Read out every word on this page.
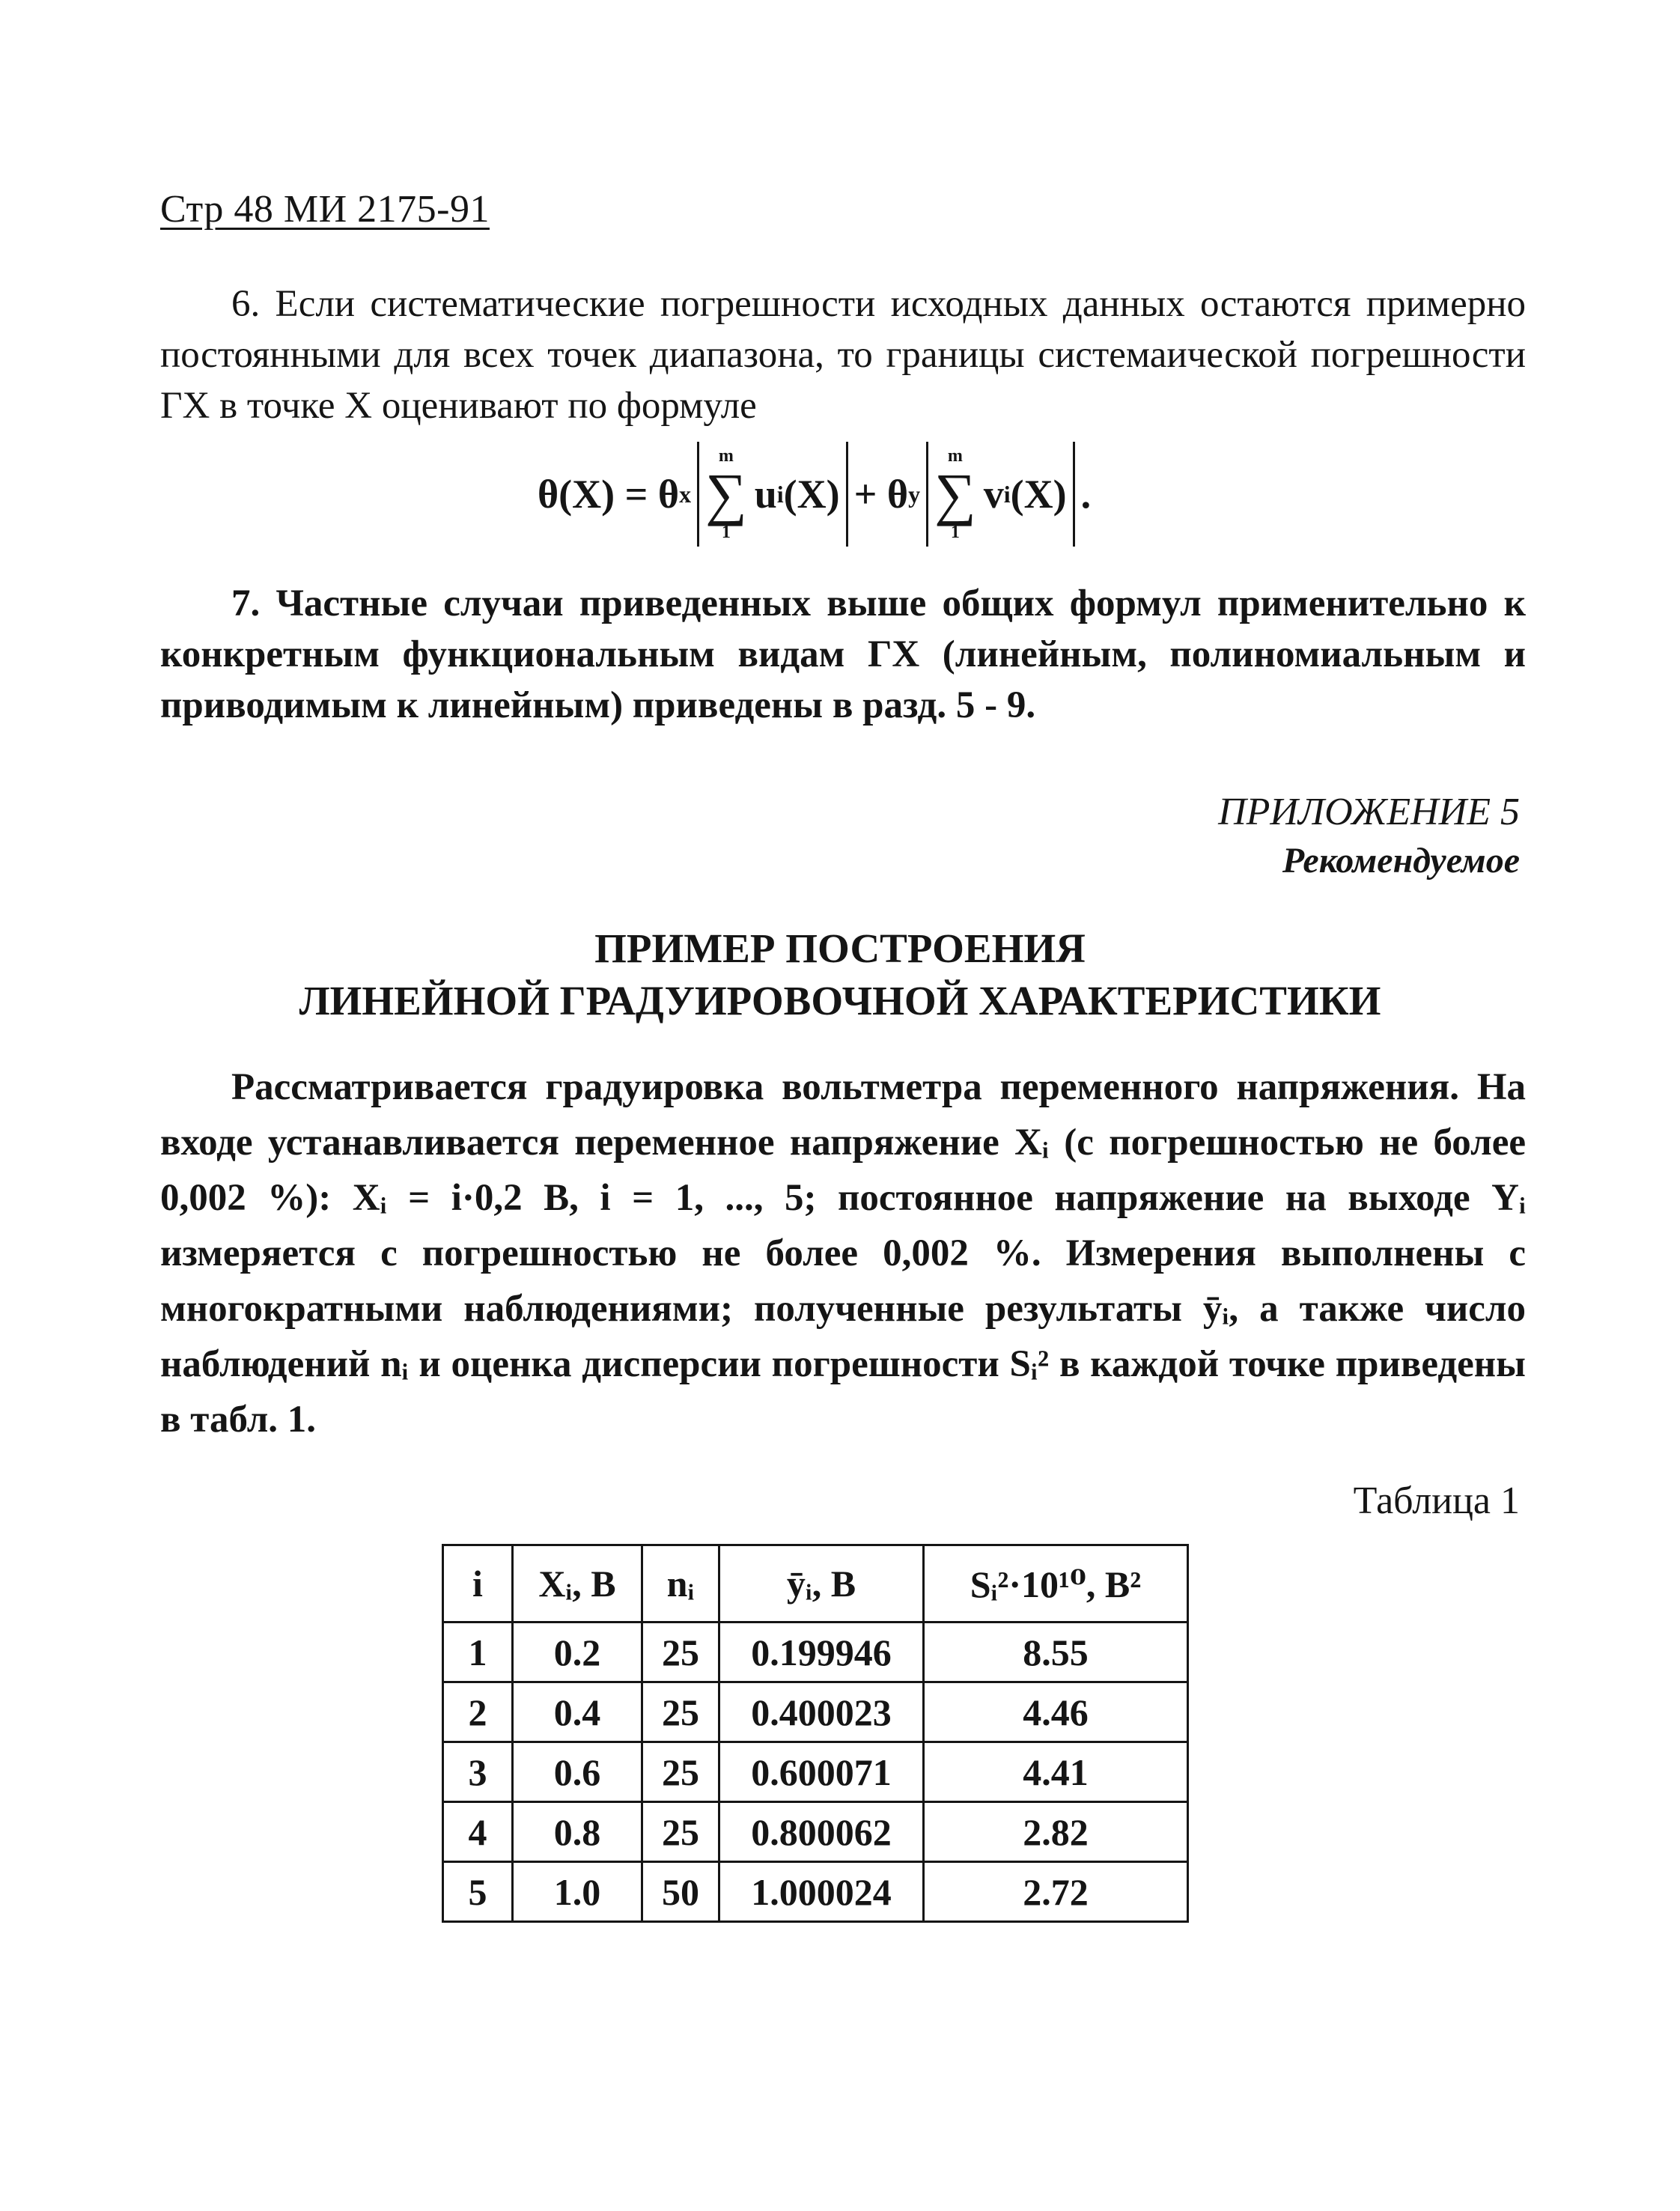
Стр 48 МИ 2175-91

6. Если систематические погрешности исходных данных остаются примерно постоянными для всех точек диапазона, то границы системаической погрешности ГХ в точке X оценивают по формуле

θ(X) = θ x
m
∑
1
u i (X) + θ y
m
∑
1
v i (X) .

7. Частные случаи приведенных выше общих формул применительно к конкретным функциональным видам ГХ (линейным, полиномиальным и приводимым к линейным) приведены в разд. 5 - 9.

ПРИЛОЖЕНИЕ 5
Рекомендуемое
ПРИМЕР ПОСТРОЕНИЯ
ЛИНЕЙНОЙ ГРАДУИРОВОЧНОЙ ХАРАКТЕРИСТИКИ

Рассматривается градуировка вольтметра переменного напряжения. На входе устанавливается переменное напряжение Xᵢ (с погрешностью не более 0,002 %): Xᵢ = i·0,2 В, i = 1, ..., 5; постоянное напряжение на выходе Yᵢ измеряется с погрешностью не более 0,002 %. Измерения выполнены с многократными наблюдениями; полученные результаты ȳᵢ, а также число наблюдений nᵢ и оценка дисперсии погрешности Sᵢ² в каждой точке приведены в табл. 1.

Таблица 1
i	Xᵢ, В	nᵢ	ȳᵢ, В	Sᵢ²·10¹⁰, В²
1	0.2	25	0.199946	8.55
2	0.4	25	0.400023	4.46
3	0.6	25	0.600071	4.41
4	0.8	25	0.800062	2.82
5	1.0	50	1.000024	2.72
